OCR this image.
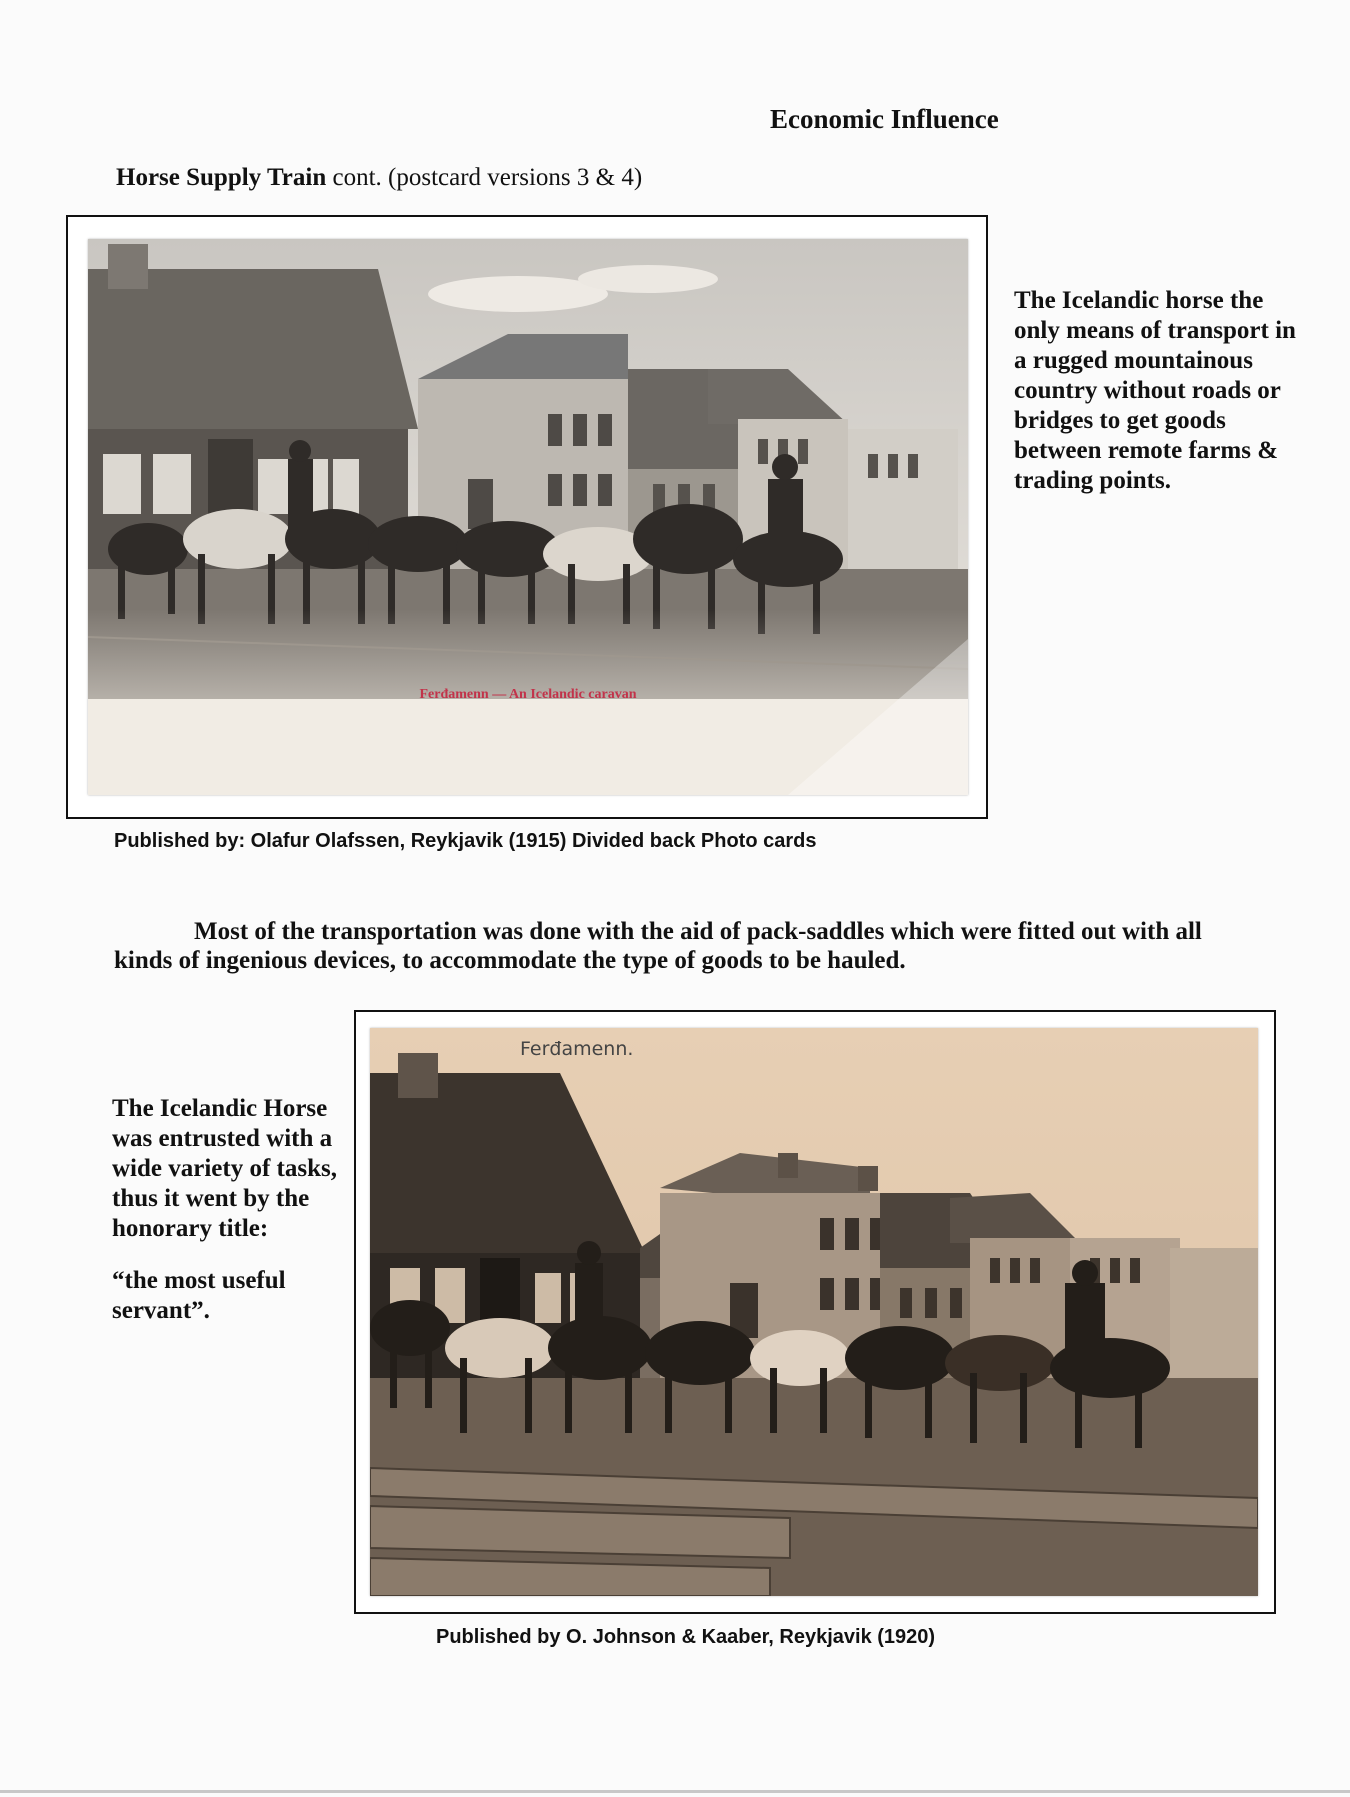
Economic Influence
Horse Supply Train cont. (postcard versions 3 & 4)
Ferđamenn — An Icelandic caravan
The Icelandic horse the only means of transport in a rugged mountainous country without roads or bridges to get goods between remote farms & trading points.
Published by: Olafur Olafssen, Reykjavik (1915) Divided back Photo cards
Most of the transportation was done with the aid of pack-saddles which were fitted out with all kinds of ingenious devices, to accommodate the type of goods to be hauled.
Ferđamenn.
The Icelandic Horse was entrusted with a wide variety of tasks, thus it went by the honorary title:
“the most useful servant”.
Published by O. Johnson & Kaaber, Reykjavik (1920)
